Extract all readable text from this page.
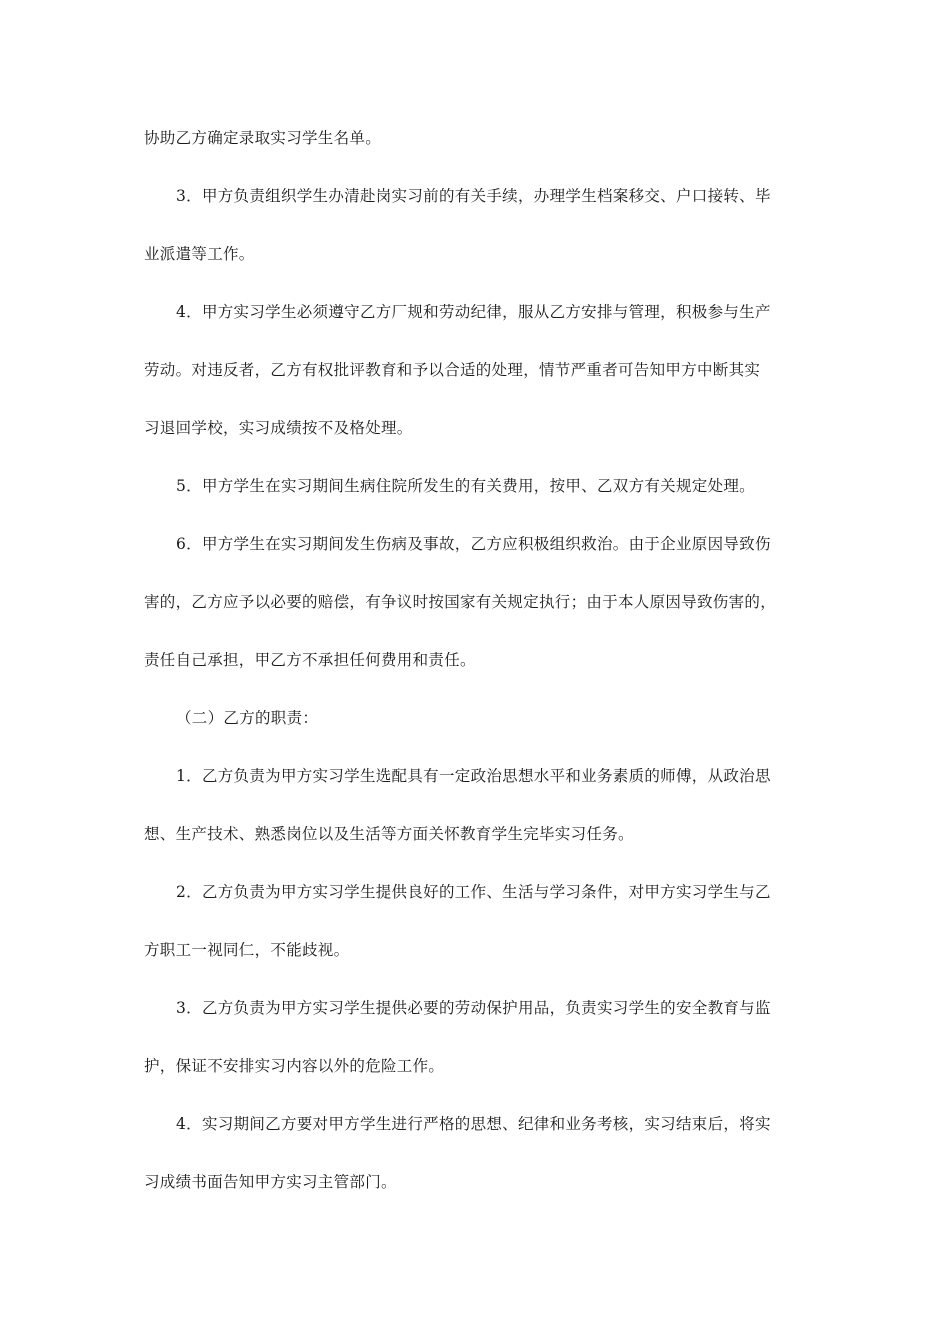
协助乙方确定录取实习学生名单。
3．甲方负责组织学生办清赴岗实习前的有关手续，办理学生档案移交、户口接转、毕
业派遣等工作。
4．甲方实习学生必须遵守乙方厂规和劳动纪律，服从乙方安排与管理，积极参与生产
劳动。对违反者，乙方有权批评教育和予以合适的处理，情节严重者可告知甲方中断其实
习退回学校，实习成绩按不及格处理。
5．甲方学生在实习期间生病住院所发生的有关费用，按甲、乙双方有关规定处理。
6．甲方学生在实习期间发生伤病及事故，乙方应积极组织救治。由于企业原因导致伤
害的，乙方应予以必要的赔偿，有争议时按国家有关规定执行；由于本人原因导致伤害的，
责任自己承担，甲乙方不承担任何费用和责任。
（二）乙方的职责：
1．乙方负责为甲方实习学生选配具有一定政治思想水平和业务素质的师傅，从政治思
想、生产技术、熟悉岗位以及生活等方面关怀教育学生完毕实习任务。
2．乙方负责为甲方实习学生提供良好的工作、生活与学习条件，对甲方实习学生与乙
方职工一视同仁，不能歧视。
3．乙方负责为甲方实习学生提供必要的劳动保护用品，负责实习学生的安全教育与监
护，保证不安排实习内容以外的危险工作。
4．实习期间乙方要对甲方学生进行严格的思想、纪律和业务考核，实习结束后，将实
习成绩书面告知甲方实习主管部门。
